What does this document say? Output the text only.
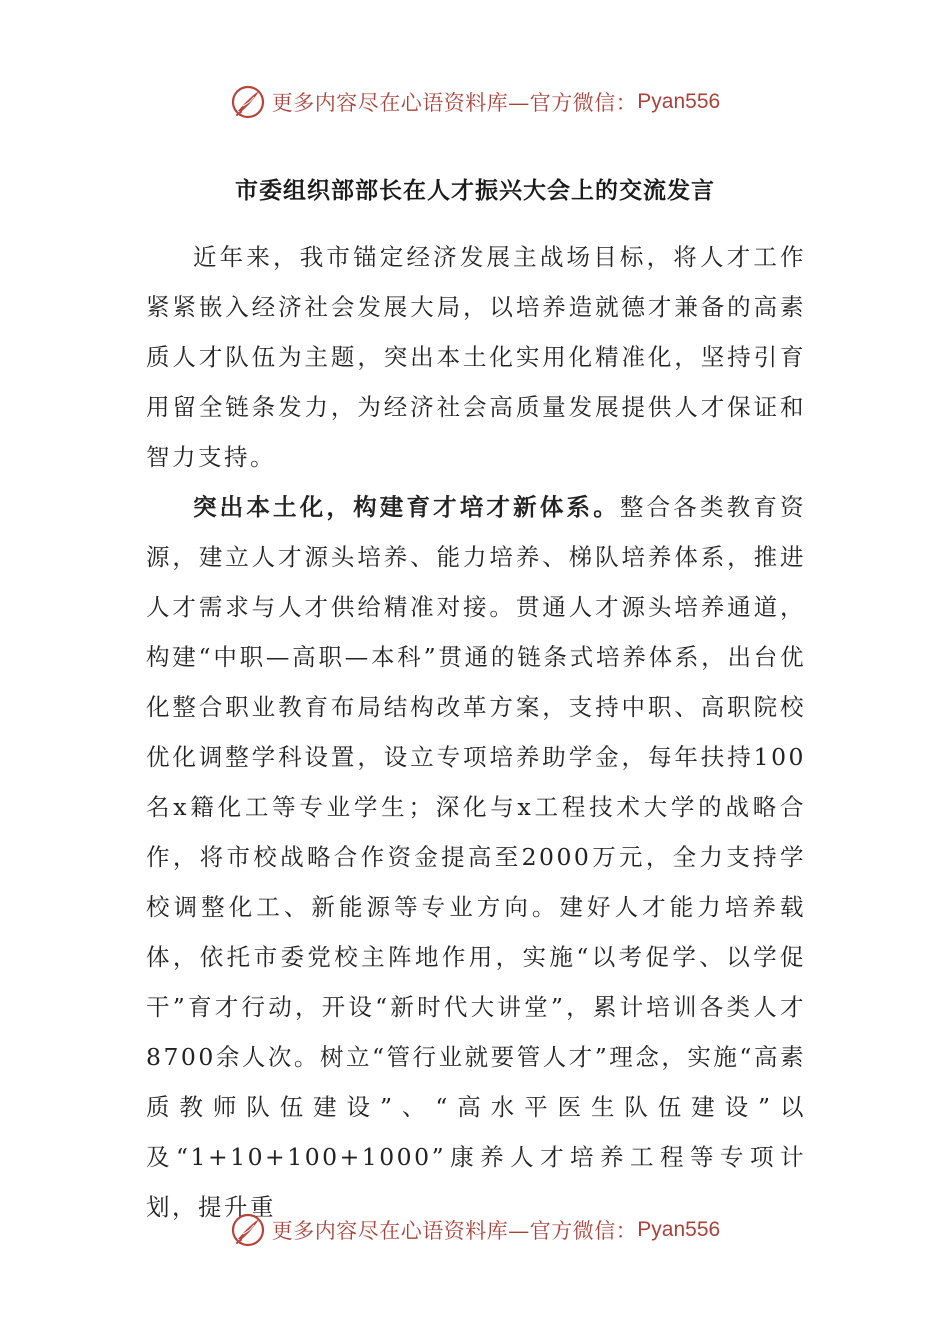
更多内容尽在心语资料库—官方微信： Pyan556
市委组织部部长在人才振兴大会上的交流发言

近年来，我市锚定经济发展主战场目标，将人才工作紧紧嵌入经济社会发展大局，以培养造就德才兼备的高素质人才队伍为主题，突出本土化实用化精准化，坚持引育用留全链条发力，为经济社会高质量发展提供人才保证和智力支持。

突出本土化，构建育才培才新体系。整合各类教育资源，建立人才源头培养、能力培养、梯队培养体系，推进人才需求与人才供给精准对接。贯通人才源头培养通道，构建“中职—高职—本科”贯通的链条式培养体系，出台优化整合职业教育布局结构改革方案，支持中职、高职院校优化调整学科设置，设立专项培养助学金，每年扶持100名x籍化工等专业学生；深化与x工程技术大学的战略合作，将市校战略合作资金提高至2000万元，全力支持学校调整化工、新能源等专业方向。建好人才能力培养载体，依托市委党校主阵地作用，实施“以考促学、以学促干”育才行动，开设“新时代大讲堂”，累计培训各类人才8700余人次。树立“管行业就要管人才”理念，实施“高素质教师队伍建设”、“高水平医生队伍建设”以及“1+10+100+1000”康养人才培养工程等专项计划，提升重

更多内容尽在心语资料库—官方微信： Pyan556
